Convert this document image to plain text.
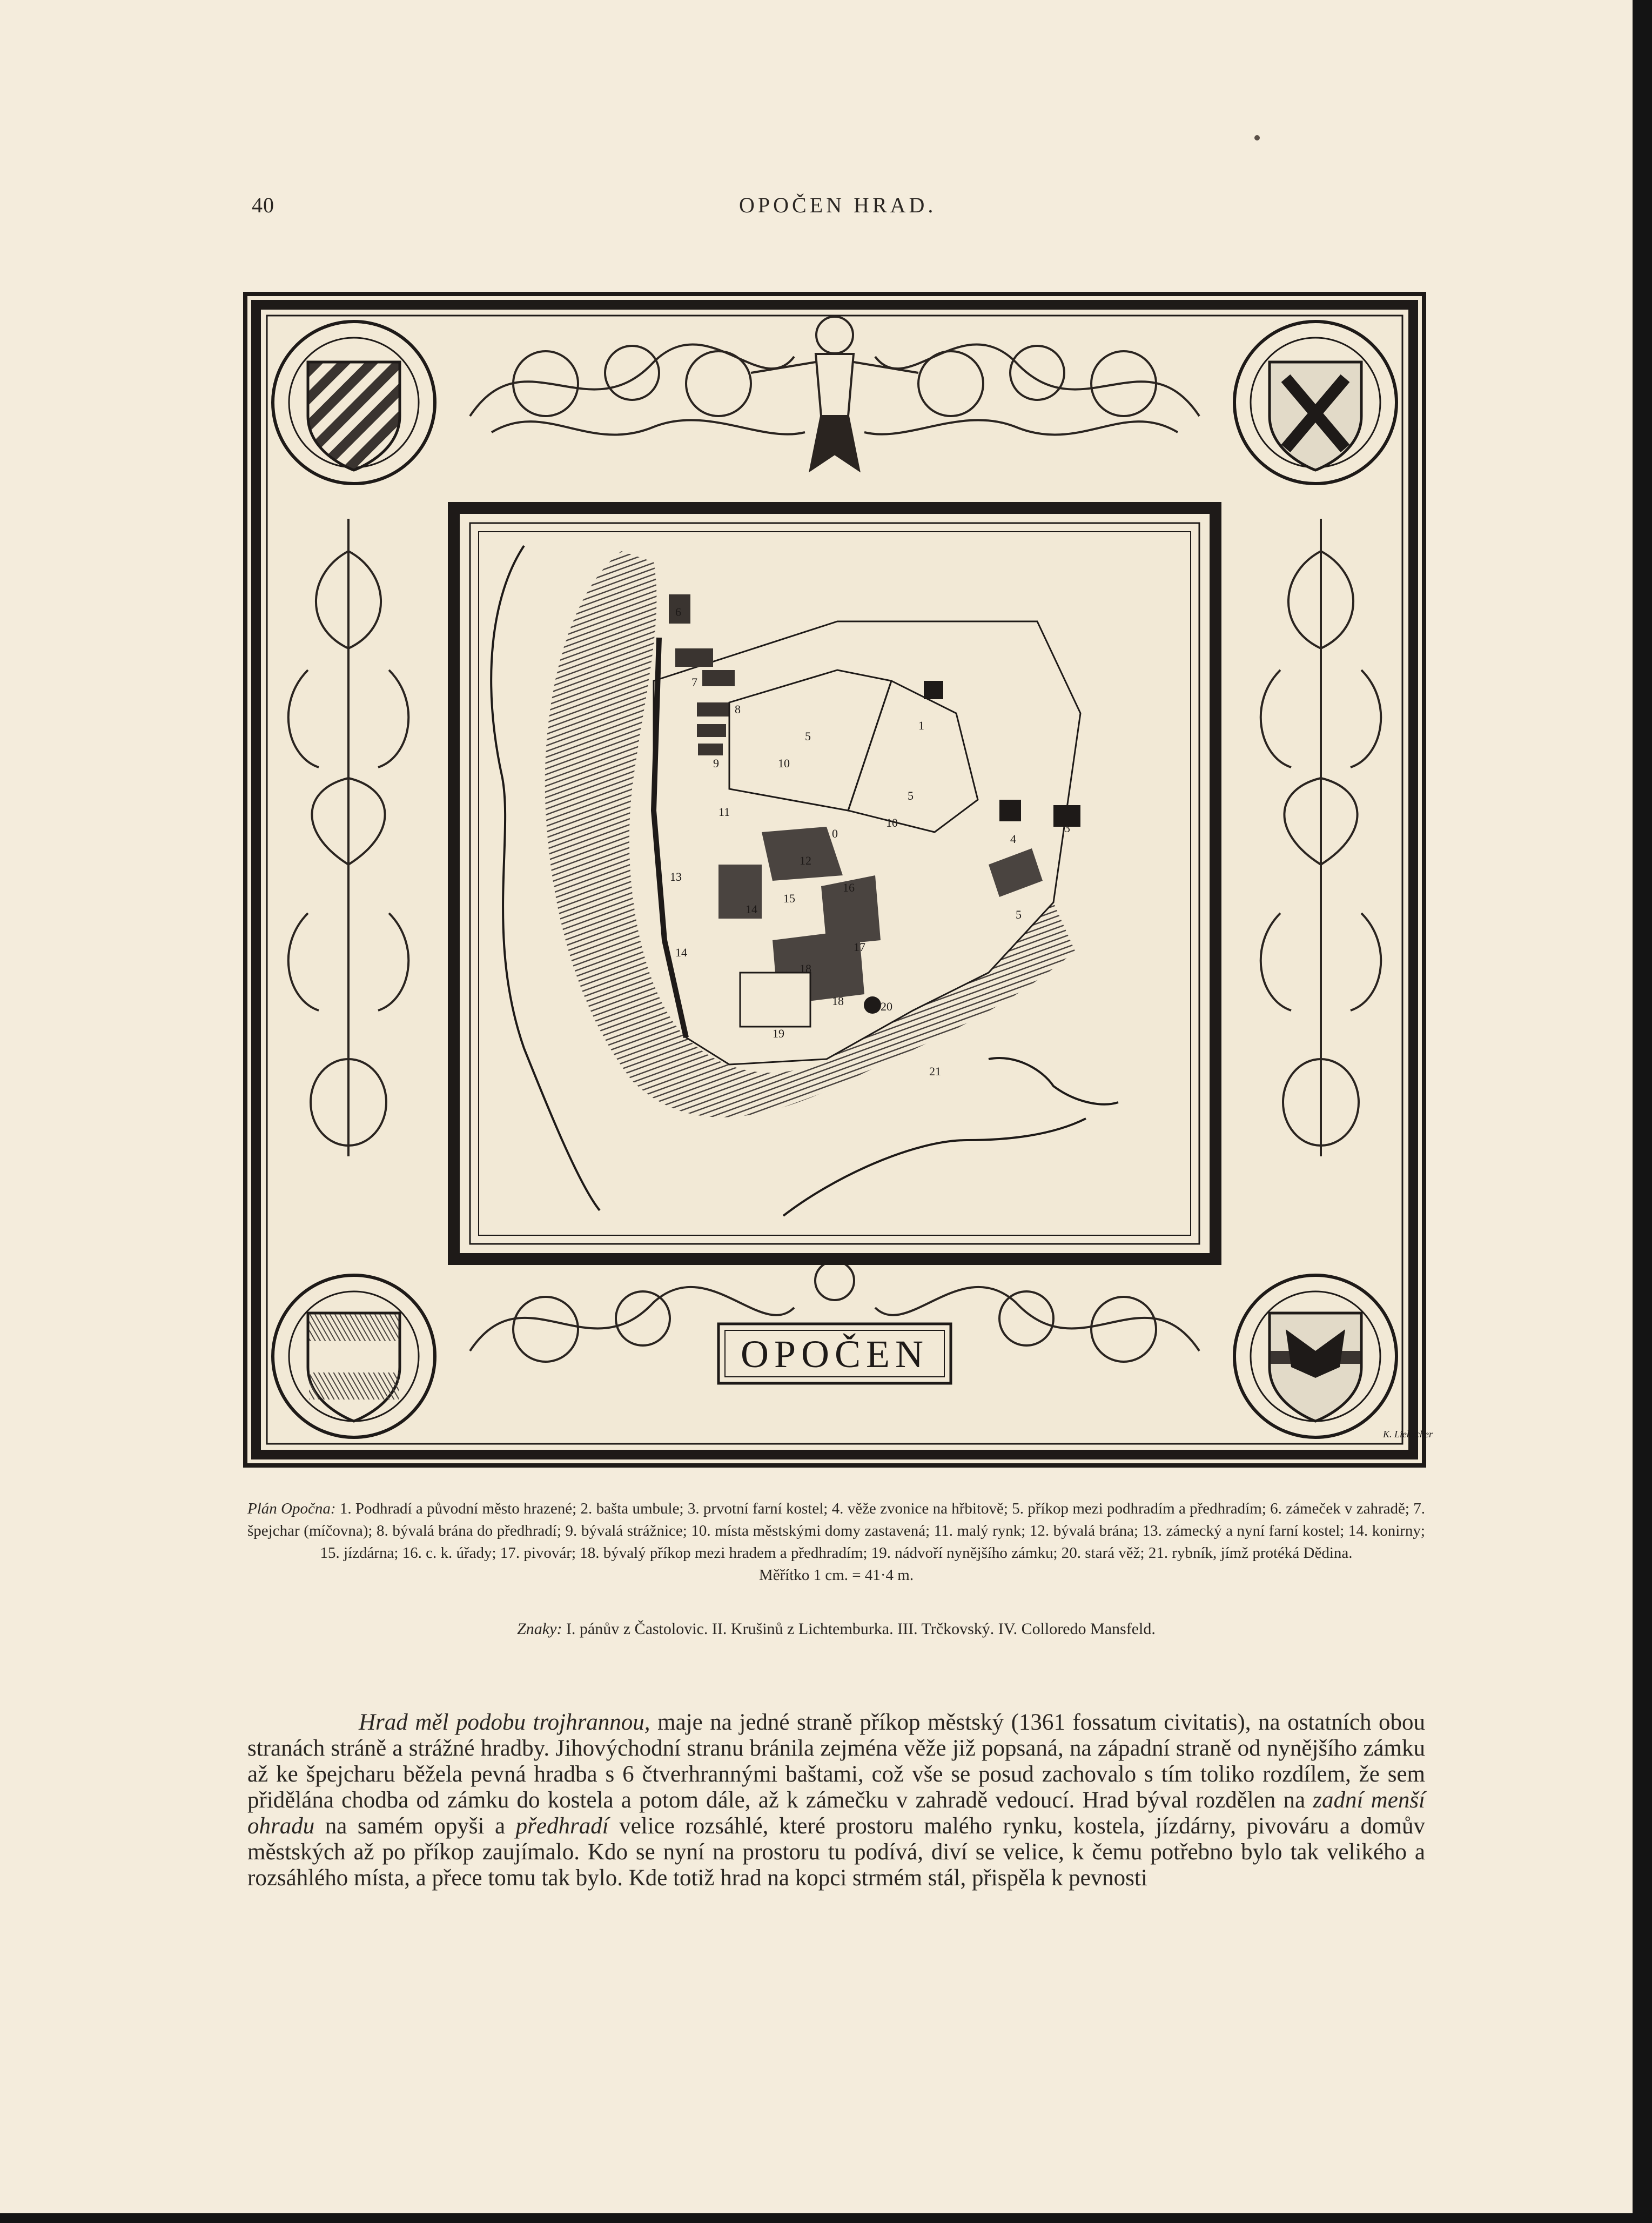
40	OPOČEN HRAD.
OPOČEN
K. Liebscher
1
2
3
4
5
5
5
6
7
8
9	10
10
11
12
13
14
14
15
16
17
18
18
19
20
21
0
Plán Opočna: 1. Podhradí a původní město hrazené; 2. bašta umbule; 3. prvotní farní kostel; 4. věže zvonice na hřbitově; 5. příkop mezi podhradím a předhradím; 6. zámeček v zahradě; 7. špejchar (míčovna); 8. bývalá brána do předhradí; 9. bývalá strážnice; 10. místa městskými domy zastavená; 11. malý rynk; 12. bývalá brána; 13. zámecký a nyní farní kostel; 14. konirny; 15. jízdárna; 16. c. k. úřady; 17. pivovár; 18. bývalý příkop mezi hradem a předhradím; 19. nádvoří nynějšího zámku; 20. stará věž; 21. rybník, jímž protéká Dědina.
Měřítko 1 cm. = 41·4 m.
Znaky: I. pánův z Častolovic. II. Krušinů z Lichtemburka. III. Trčkovský. IV. Colloredo Mansfeld.

Hrad měl podobu trojhrannou, maje na jedné straně příkop městský (1361 fossatum civitatis), na ostatních obou stranách stráně a strážné hradby. Jihovýchodní stranu bránila zejména věže již popsaná, na západní straně od nynějšího zámku až ke špejcharu běžela pevná hradba s 6 čtverhrannými baštami, což vše se posud zachovalo s tím toliko rozdílem, že sem přidělána chodba od zámku do kostela a potom dále, až k zámečku v zahradě vedoucí. Hrad býval rozdělen na zadní menší ohradu na samém opyši a předhradí velice rozsáhlé, které prostoru malého rynku, kostela, jízdárny, pivováru a domův městských až po příkop zaujímalo. Kdo se nyní na prostoru tu podívá, diví se velice, k čemu potřebno bylo tak velikého a rozsáhlého místa, a přece tomu tak bylo. Kde totiž hrad na kopci strmém stál, přispěla k pevnosti
